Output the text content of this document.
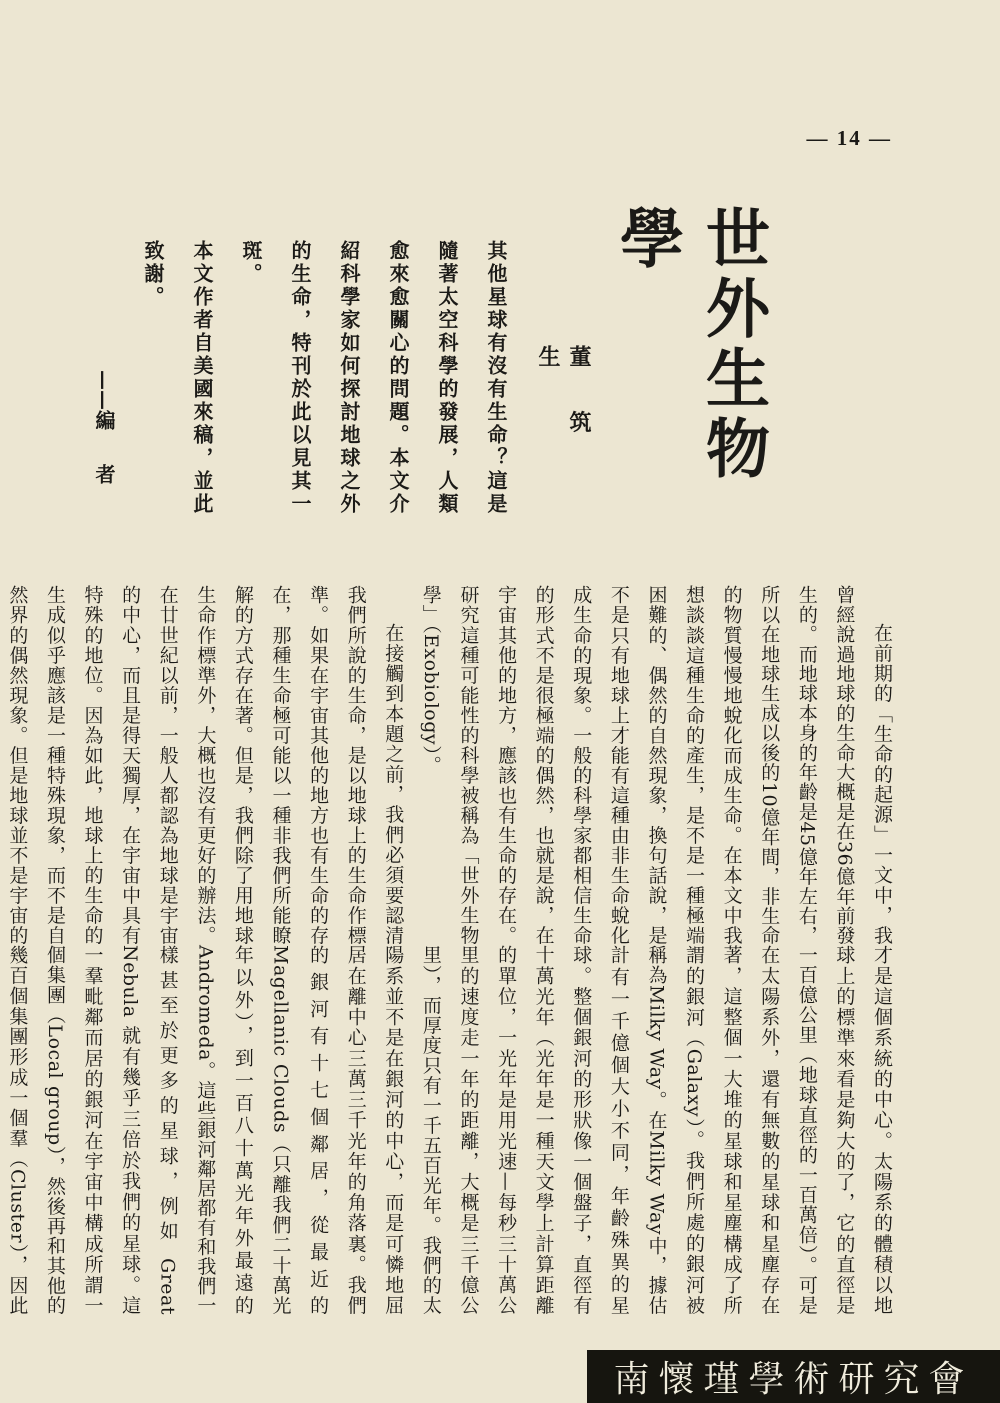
— 14 —
世外生物學
董 筑 生

其他星球有沒有生命？這是隨著太空科學的發展，人類愈來愈關心的問題。本文介紹科學家如何探討地球之外的生命，特刊於此以見其一斑。

本文作者自美國來稿，並此致謝。

——編者

在前期的「生命的起源」一文中，我曾經說過地球的生命大概是在36億年前發生的。而地球本身的年齡是45億年左右，所以在地球生成以後的10億年間，非生命的物質慢慢地蛻化而成生命。在本文中我想談談這種生命的產生，是不是一種極端困難的、偶然的自然現象，換句話說，是不是只有地球上才能有這種由非生命蛻化成生命的現象。一般的科學家都相信生命的形式不是很極端的偶然，也就是說，在宇宙其他的地方，應該也有生命的存在。研究這種可能性的科學被稱為「世外生物學」（Exobiology）。

在接觸到本題之前，我們必須要認清我們所說的生命，是以地球上的生命作標準。如果在宇宙其他的地方也有生命的存在，那種生命極可能以一種非我們所能瞭解的方式存在著。但是，我們除了用地球生命作標準外，大概也沒有更好的辦法。在廿世紀以前，一般人都認為地球是宇宙的中心，而且是得天獨厚，在宇宙中具有特殊的地位。因為如此，地球上的生命的生成似乎應該是一種特殊現象，而不是自然界的偶然現象。但是地球並不是宇宙的

才是這個系統的中心。太陽系的體積以地球上的標準來看是夠大的了，它的直徑是一百億公里（地球直徑的一百萬倍）。可是在太陽系外，還有無數的星球和星塵存在著，這整個一大堆的星球和星塵構成了所謂的銀河（Galaxy）。我們所處的銀河被稱為Milky Way。在Milky Way中，據估計有一千億個大小不同，年齡殊異的星球。整個銀河的形狀像一個盤子，直徑有十萬光年（光年是一種天文學上計算距離的單位，一光年是用光速—每秒三十萬公里的速度走一年的距離，大概是三千億公里），而厚度只有一千五百光年。我們的太陽系並不是在銀河的中心，而是可憐地屈居在離中心三萬三千光年的角落裏。我們的銀河有十七個鄰居，從最近的 Magellanic Clouds（只離我們二十萬光年以外），到一百八十萬光年外最遠的 Andromeda。這些銀河鄰居都有和我們一樣甚至於更多的星球，例如 Great Nebula 就有幾乎三倍於我們的星球。這一羣毗鄰而居的銀河在宇宙中構成所謂一個集團（Local group），然後再和其他的幾百個集團形成一個羣（Cluster），因此

南懷瑾學術研究會
